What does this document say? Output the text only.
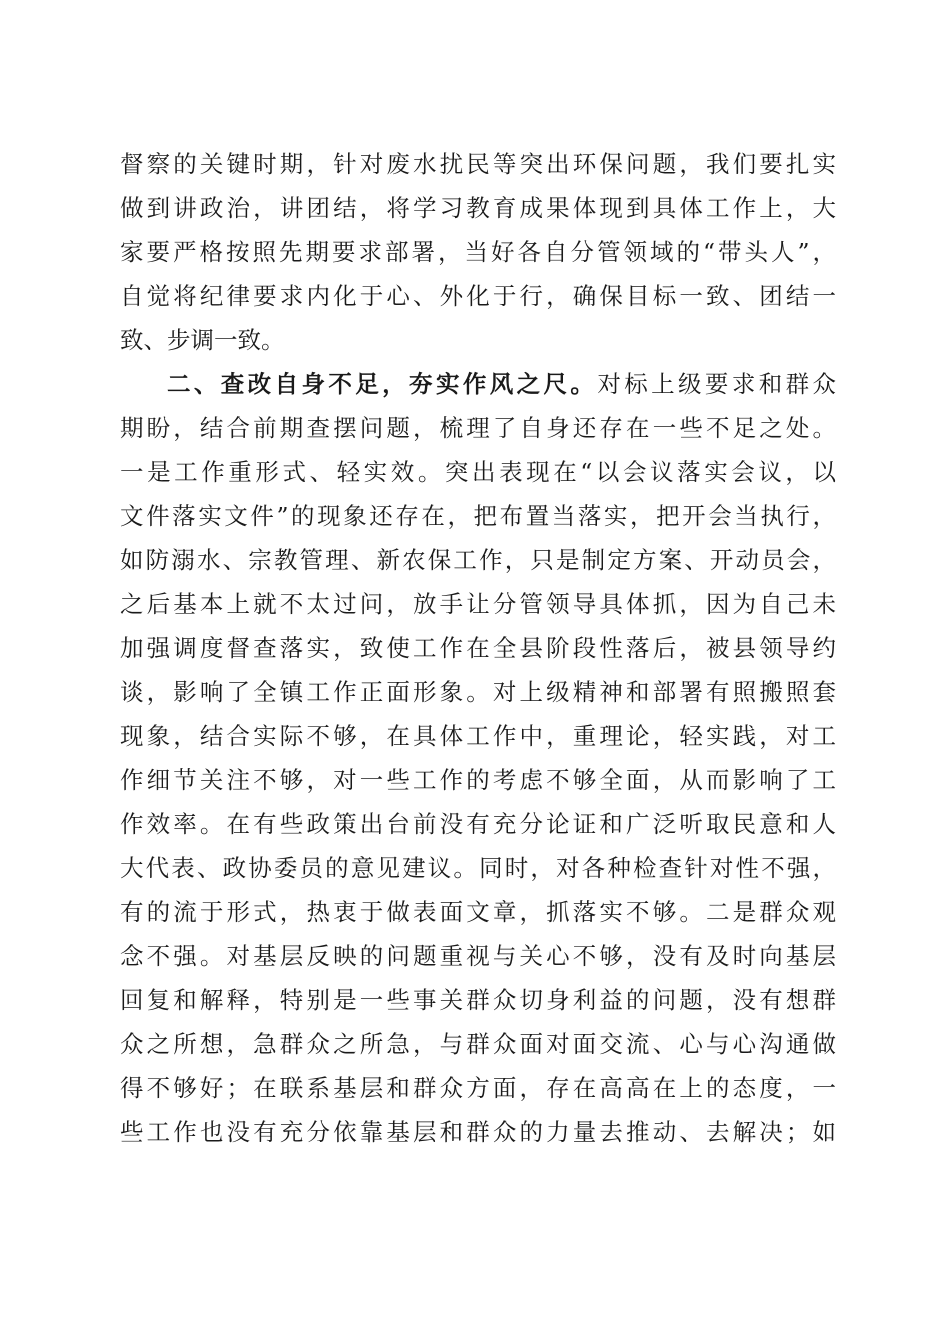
督察的关键时期，针对废水扰民等突出环保问题，我们要扎实
做到讲政治，讲团结，将学习教育成果体现到具体工作上，大
家要严格按照先期要求部署，当好各自分管领域的“带头人”，
自觉将纪律要求内化于心、外化于行，确保目标一致、团结一
致、步调一致。
二、查改自身不足，夯实作风之尺。对标上级要求和群众
期盼，结合前期查摆问题，梳理了自身还存在一些不足之处。
一是工作重形式、轻实效。突出表现在“以会议落实会议，以
文件落实文件”的现象还存在，把布置当落实，把开会当执行，
如防溺水、宗教管理、新农保工作，只是制定方案、开动员会，
之后基本上就不太过问，放手让分管领导具体抓，因为自己未
加强调度督查落实，致使工作在全县阶段性落后，被县领导约
谈，影响了全镇工作正面形象。对上级精神和部署有照搬照套
现象，结合实际不够，在具体工作中，重理论，轻实践，对工
作细节关注不够，对一些工作的考虑不够全面，从而影响了工
作效率。在有些政策出台前没有充分论证和广泛听取民意和人
大代表、政协委员的意见建议。同时，对各种检查针对性不强，
有的流于形式，热衷于做表面文章，抓落实不够。二是群众观
念不强。对基层反映的问题重视与关心不够，没有及时向基层
回复和解释，特别是一些事关群众切身利益的问题，没有想群
众之所想，急群众之所急，与群众面对面交流、心与心沟通做
得不够好；在联系基层和群众方面，存在高高在上的态度，一
些工作也没有充分依靠基层和群众的力量去推动、去解决；如
